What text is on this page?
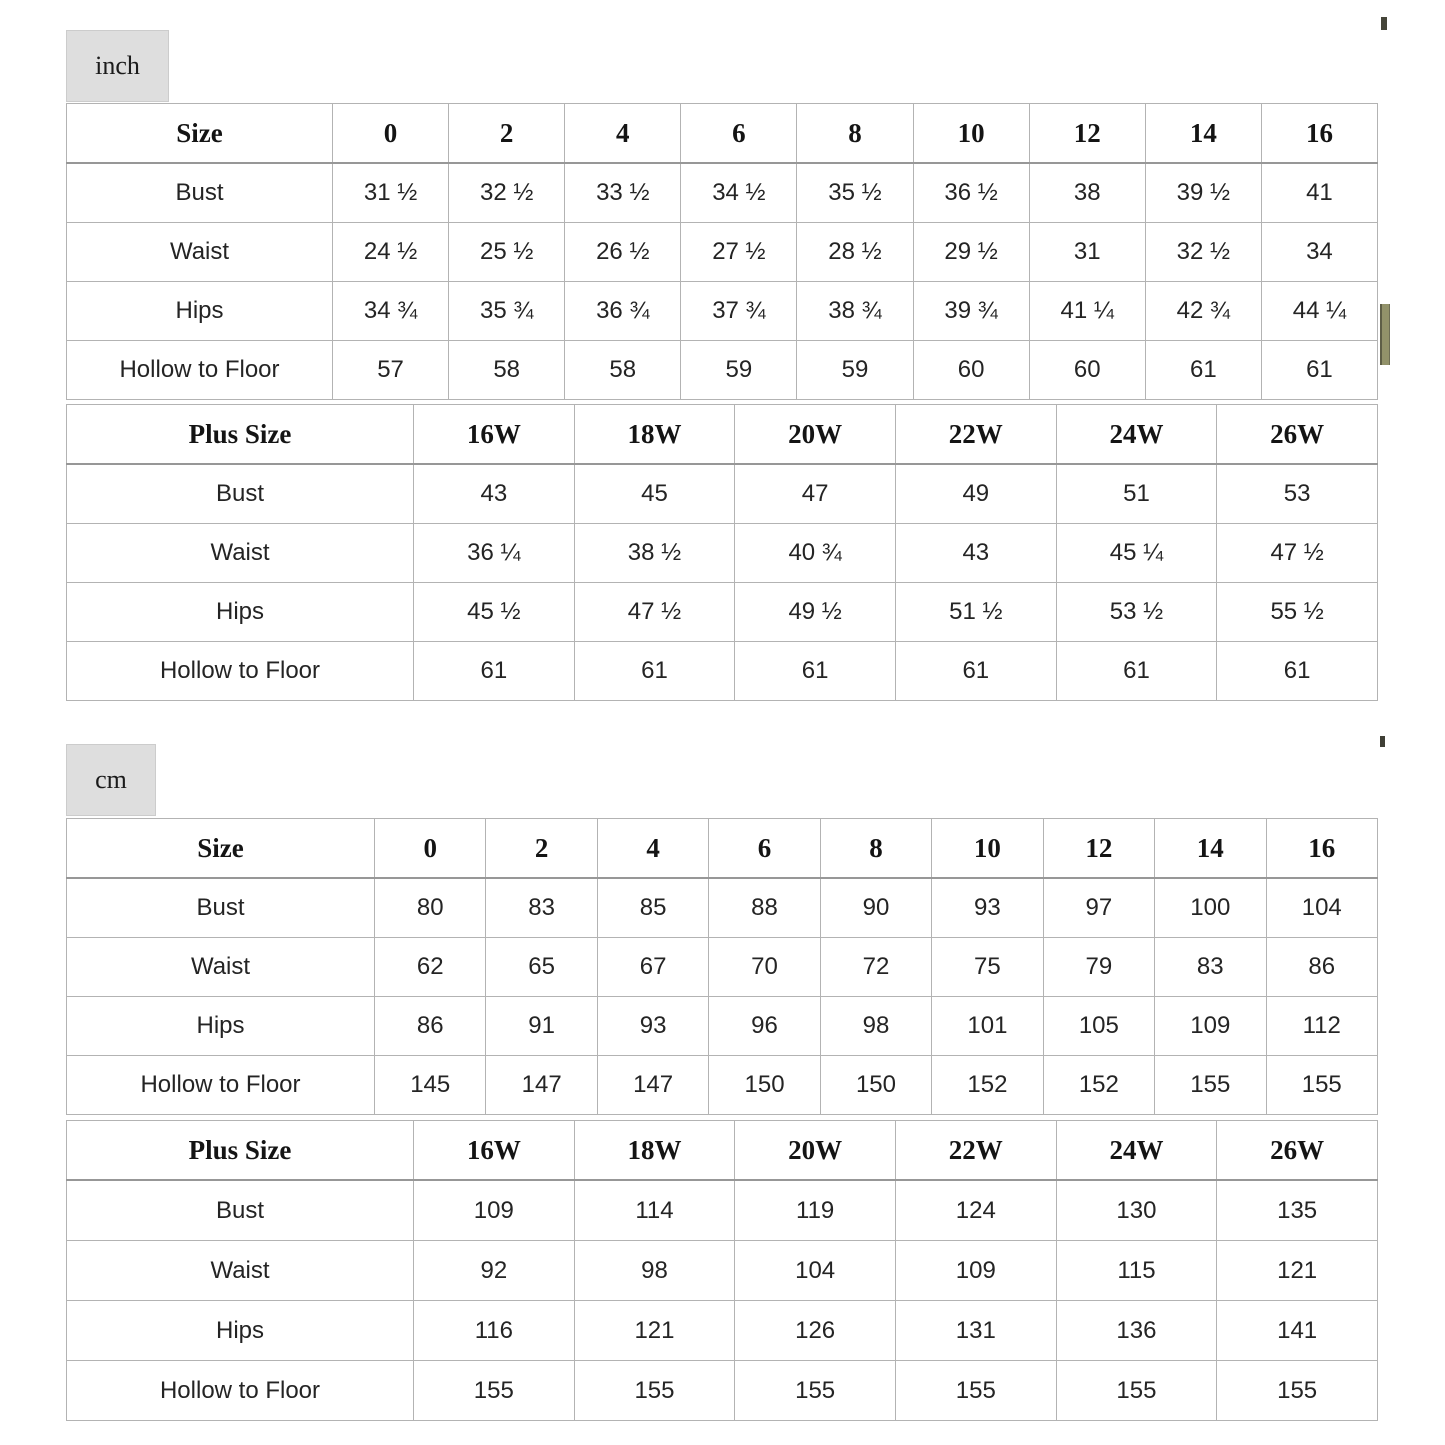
inch
Size	0	2	4	6	8	10	12	14	16
Bust	31 ½	32 ½	33 ½	34 ½	35 ½	36 ½	38	39 ½	41
Waist	24 ½	25 ½	26 ½	27 ½	28 ½	29 ½	31	32 ½	34
Hips	34 ¾	35 ¾	36 ¾	37 ¾	38 ¾	39 ¾	41 ¼	42 ¾	44 ¼
Hollow to Floor	57	58	58	59	59	60	60	61	61
Plus Size	16W	18W	20W	22W	24W	26W
Bust	43	45	47	49	51	53
Waist	36 ¼	38 ½	40 ¾	43	45 ¼	47 ½
Hips	45 ½	47 ½	49 ½	51 ½	53 ½	55 ½
Hollow to Floor	61	61	61	61	61	61
cm
Size	0	2	4	6	8	10	12	14	16
Bust	80	83	85	88	90	93	97	100	104
Waist	62	65	67	70	72	75	79	83	86
Hips	86	91	93	96	98	101	105	109	112
Hollow to Floor	145	147	147	150	150	152	152	155	155
Plus Size	16W	18W	20W	22W	24W	26W
Bust	109	114	119	124	130	135
Waist	92	98	104	109	115	121
Hips	116	121	126	131	136	141
Hollow to Floor	155	155	155	155	155	155
